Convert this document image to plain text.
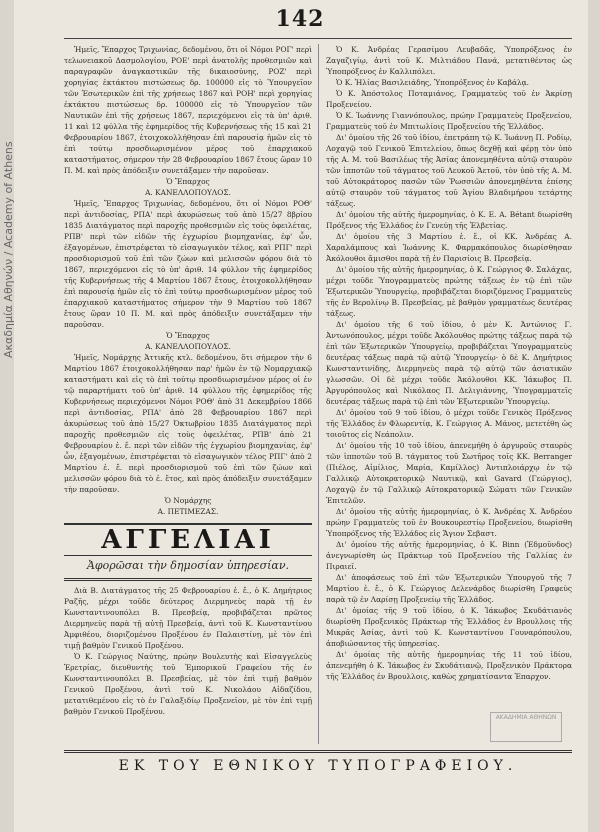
142
Ακαδημία Αθηνών / Academy of Athens

Ἡμεῖς, Ἔπαρχος Τριχωνίας, δεδομένου, ὅτι οἱ Νόμοι ΡΟΓ' περὶ τελωνειακοῦ Δασμολογίου, ΡΟΕ' περὶ ἀνατολῆς προθεσμιῶν καὶ παραγραφῶν ἀναγκαστικῶν τῆς δικαιοσύνης, ΡΟΖ' περὶ χορηγίας ἐκτάκτου πιστώσεως δρ. 100000 εἰς τὸ Ὑπουργεῖον τῶν Ἐσωτερικῶν ἐπὶ τῆς χρήσεως 1867 καὶ ΡΟΗ' περὶ χορηγίας ἐκτάκτου πιστώσεως δρ. 100000 εἰς τὸ Ὑπουργεῖον τῶν Ναυτικῶν ἐπὶ τῆς χρήσεως 1867, περιεχόμενοι εἰς τὰ ὑπ' ἀριθ. 11 καὶ 12 φύλλα τῆς ἐφημερίδος τῆς Κυβερνήσεως τῆς 15 καὶ 21 Φεβρουαρίου 1867, ἐτοιχοκολλήθησαν ἐπὶ παρουσίᾳ ἡμῶν εἰς τὸ ἐπὶ τούτῳ προσδιωρισμένον μέρος τοῦ ἐπαρχιακοῦ καταστήματος, σήμερον τὴν 28 Φεβρουαρίου 1867 ἔτους ὥραν 10 Π. Μ. καὶ πρὸς ἀπόδειξιν συνετάξαμεν τὴν παροῦσαν.

Ὁ Ἔπαρχος

Α. ΚΑΝΕΛΛΟΠΟΥΛΟΣ.

Ἡμεῖς, Ἔπαρχος Τριχωνίας, δεδομένου, ὅτι οἱ Νόμοι ΡΟΘ' περὶ ἀντιδοσίας, ΡΠΑ' περὶ ἀκυρώσεως τοῦ ἀπὸ 15/27 8βρίου 1835 Διατάγματος περὶ παροχῆς προθεσμιῶν εἰς τοὺς ὀφειλέτας, ΡΠΒ' περὶ τῶν εἰδῶν τῆς ἐγχωρίου βιομηχανίας, ἐφ' ὧν, ἐξαγομένων, ἐπιστρέφεται τὸ εἰσαγωγικὸν τέλος, καὶ ΡΠΓ' περὶ προσδιορισμοῦ τοῦ ἐπὶ τῶν ζώων καὶ μελισσῶν φόρου διὰ τὸ 1867, περιεχόμενοι εἰς τὸ ὑπ' ἀριθ. 14 φύλλον τῆς ἐφημερίδος τῆς Κυβερνήσεως τῆς 4 Μαρτίου 1867 ἔτους, ἐτοιχοκολλήθησαν ἐπὶ παρουσίᾳ ἡμῶν εἰς τὸ ἐπὶ τούτῳ προσδιωρισμένον μέρος τοῦ ἐπαρχιακοῦ καταστήματος σήμερον τὴν 9 Μαρτίου τοῦ 1867 ἔτους ὥραν 10 Π. Μ. καὶ πρὸς ἀπόδειξιν συνετάξαμεν τὴν παροῦσαν.

Ὁ Ἔπαρχος

Α. ΚΑΝΕΛΛΟΠΟΥΛΟΣ.

Ἡμεῖς, Νομάρχης Ἀττικῆς κτλ. δεδομένου, ὅτι σήμερον τὴν 6 Μαρτίου 1867 ἐτοιχοκολλήθησαν παρ' ἡμῶν ἐν τῷ Νομαρχιακῷ καταστήματι καὶ εἰς τὸ ἐπὶ τούτῳ προσδιωρισμένον μέρος οἱ ἐν τῷ παραρτήματι τοῦ ὑπ' ἀριθ. 14 φύλλου τῆς ἐφημερίδος τῆς Κυβερνήσεως περιεχόμενοι Νόμοι ΡΟΘ' ἀπὸ 31 Δεκεμβρίου 1866 περὶ ἀντιδοσίας, ΡΠΑ' ἀπὸ 28 Φεβρουαρίου 1867 περὶ ἀκυρώσεως τοῦ ἀπὸ 15/27 Ὀκτωβρίου 1835 Διατάγματος περὶ παροχῆς προθεσμιῶν εἰς τοὺς ὀφειλέτας, ΡΠΒ' ἀπὸ 21 Φεβρουαρίου ἐ. ἔ. περὶ τῶν εἰδῶν τῆς ἐγχωρίου βιομηχανίας, ἐφ' ὧν, ἐξαγομένων, ἐπιστρέφεται τὸ εἰσαγωγικὸν τέλος ΡΠΓ' ἀπὸ 2 Μαρτίου ἐ. ἔ. περὶ προσδιορισμοῦ τοῦ ἐπὶ τῶν ζώων καὶ μελισσῶν φόρου διὰ τὸ ἐ. ἔτος, καὶ πρὸς ἀπόδειξιν συνετάξαμεν τὴν παροῦσαν.

Ὁ Νομάρχης

Α. ΠΕΤΙΜΕΖΑΣ.

ΑΓΓΕΛΙΑΙ
Ἀφορῶσαι τὴν δημοσίαν ὑπηρεσίαν.

Διὰ Β. Διατάγματος τῆς 25 Φεβρουαρίου ἐ. ἔ., ὁ Κ. Δημήτριος Ραζῆς, μέχρι τοῦδε δεύτερος Διερμηνεὺς παρὰ τῇ ἐν Κωνσταντινουπόλει Β. Πρεσβείᾳ, προβιβάζεται πρῶτος Διερμηνεὺς παρὰ τῇ αὐτῇ Πρεσβείᾳ, ἀντὶ τοῦ Κ. Κωνσταντίνου Ἀμφιθέου, διοριζομένου Προξένου ἐν Παλαιστίνῃ, μὲ τὸν ἐπὶ τιμῇ βαθμὸν Γενικοῦ Προξένου.

Ὁ Κ. Γεώργιος Ναύτης, πρώην Βουλευτὴς καὶ Εἰσαγγελεὺς Ἐρετρίας, διευθυντὴς τοῦ Ἐμπορικοῦ Γραφείου τῆς ἐν Κωνσταντινουπόλει Β. Πρεσβείας, μὲ τὸν ἐπὶ τιμῇ βαθμὸν Γενικοῦ Προξένου, ἀντὶ τοῦ Κ. Νικολάου Αἰδαζίδου, μετατιθεμένου εἰς τὸ ἐν Γαλαξιδίῳ Προξενεῖον, μὲ τὸν ἐπὶ τιμῇ βαθμὸν Γενικοῦ Προξένου.

Ὁ Κ. Ἀνδρέας Γερασίμου Λευβαδᾶς, Ὑποπρόξενος ἐν Ζαγαζιγίῳ, ἀντὶ τοῦ Κ. Μιλτιάδου Πανά, μετατιθέντος ὡς Ὑποπρόξενος ἐν Καλλιπόλει.

Ὁ Κ. Ἠλίας Βασιλειάδης, Ὑποπρόξενος ἐν Καβάλᾳ.

Ὁ Κ. Ἀπόστολος Ποταμιάνος, Γραμματεὺς τοῦ ἐν Ἀκρίσῃ Προξενείου.

Ὁ Κ. Ἰωάννης Γιαννόπουλος, πρώην Γραμματεὺς Προξενείου, Γραμματεὺς τοῦ ἐν Μπιτωλίοις Προξενείου τῆς Ἑλλάδος.

Δι' ὁμοίου τῆς 26 τοῦ ἰδίου, ἐπετράπη τῷ Κ. Ἰωάννῃ Π. Ροδίῳ, Λοχαγῷ τοῦ Γενικοῦ Ἐπιτελείου, ὅπως δεχθῇ καὶ φέρῃ τὸν ὑπὸ τῆς Α. Μ. τοῦ Βασιλέως τῆς Ἀσίας ἀπονεμηθέντα αὐτῷ σταυρὸν τῶν ἱπποτῶν τοῦ τάγματος τοῦ Λευκοῦ Ἀετοῦ, τὸν ὑπὸ τῆς Α. Μ. τοῦ Αὐτοκράτορος πασῶν τῶν Ῥωσσιῶν ἀπονεμηθέντα ἐπίσης αὐτῷ σταυρὸν τοῦ τάγματος τοῦ Ἁγίου Βλαδιμήρου τετάρτης τάξεως.

Δι' ὁμοίου τῆς αὐτῆς ἡμερομηνίας, ὁ Κ. Ε. Α. Bétant διωρίσθη Πρόξενος τῆς Ἑλλάδος ἐν Γενεύῃ τῆς Ἑλβετίας.

Δι' ὁμοίου τῆς 3 Μαρτίου ἐ. ἔ., οἱ ΚΚ. Ἀνδρέας Α. Χαραλάμπους καὶ Ἰωάννης Κ. Φαρμακόπουλος διωρίσθησαν Ἀκόλουθοι ἄμισθοι παρὰ τῇ ἐν Παρισίοις Β. Πρεσβείᾳ.

Δι' ὁμοίου τῆς αὐτῆς ἡμερομηνίας, ὁ Κ. Γεώργιος Φ. Σαλάχας, μέχρι τοῦδε Ὑπογραμματεὺς πρώτης τάξεως ἐν τῷ ἐπὶ τῶν Ἐξωτερικῶν Ὑπουργείῳ, προβιβάζεται διοριζόμενος Γραμματεὺς τῆς ἐν Βερολίνῳ Β. Πρεσβείας, μὲ βαθμὸν γραμματέως δευτέρας τάξεως.

Δι' ὁμοίου τῆς 6 τοῦ ἰδίου, ὁ μὲν Κ. Ἀντώνιος Γ. Ἀντωνόπουλος, μέχρι τοῦδε Ἀκόλουθος πρώτης τάξεως παρὰ τῷ ἐπὶ τῶν Ἐξωτερικῶν Ὑπουργείῳ, προβιβάζεται Ὑπογραμματεὺς δευτέρας τάξεως παρὰ τῷ αὐτῷ Ὑπουργείῳ· ὁ δὲ Κ. Δημήτριος Κωνσταντινίδης, Διερμηνεὺς παρὰ τῷ αὐτῷ τῶν ἀσιατικῶν γλωσσῶν. Οἱ δὲ μέχρι τοῦδε Ἀκόλουθοι ΚΚ. Ἰάκωβος Π. Ἀργυρόπουλος καὶ Νικόλαος Π. Δελιγιάννης, Ὑπογραμματεῖς δευτέρας τάξεως παρὰ τῷ ἐπὶ τῶν Ἐξωτερικῶν Ὑπουργείῳ.

Δι' ὁμοίου τοῦ 9 τοῦ ἰδίου, ὁ μέχρι τοῦδε Γενικὸς Πρόξενος τῆς Ἑλλάδος ἐν Φλωρεντίᾳ, Κ. Γεώργιος Α. Μάνος, μετετέθη ὡς τοιοῦτος εἰς Νεάπολιν.

Δι' ὁμοίου τῆς 10 τοῦ ἰδίου, ἀπενεμήθη ὁ ἀργυροῦς σταυρὸς τῶν ἱπποτῶν τοῦ Β. τάγματος τοῦ Σωτῆρος τοῖς ΚΚ. Berranger (Πιέλος, Αἰμίλιος, Μαρία, Καμίλλος) Ἀντιπλοιάρχῳ ἐν τῷ Γαλλικῷ Αὐτοκρατορικῷ Ναυτικῷ, καὶ Gavard (Γεώργιος), Λοχαγῷ ἐν τῷ Γαλλικῷ Αὐτοκρατορικῷ Σώματι τῶν Γενικῶν Ἐπιτελῶν.

Δι' ὁμοίου τῆς αὐτῆς ἡμερομηνίας, ὁ Κ. Ἀνδρέας Χ. Ἀνδρέου πρώην Γραμματεὺς τοῦ ἐν Βουκουρεστίῳ Προξενείου, διωρίσθη Ὑποπρόξενος τῆς Ἑλλάδος εἰς Ἅγιον Σεβαστ.

Δι' ὁμοίου τῆς αὐτῆς ἡμερομηνίας, ὁ Κ. Binn (Ἐδμοῦνδος) ἀνεγνωρίσθη ὡς Πράκτωρ τοῦ Προξενείου τῆς Γαλλίας ἐν Πιραιεῖ.

Δι' ἀποφάσεως τοῦ ἐπὶ τῶν Ἐξωτερικῶν Ὑπουργοῦ τῆς 7 Μαρτίου ἐ. ἔ., ὁ Κ. Γεώργιος Δελενάρδος διωρίσθη Γραφεὺς παρὰ τῷ ἐν Λαρίσῃ Προξενείῳ τῆς Ἑλλάδος.

Δι' ὁμοίας τῆς 9 τοῦ ἰδίου, ὁ Κ. Ἰάκωβος Σκυδάτιανὸς διωρίσθη Προξενικὸς Πράκτωρ τῆς Ἑλλάδος ἐν Βρουλλοις τῆς Μικρᾶς Ἀσίας, ἀντὶ τοῦ Κ. Κωνσταντίνου Γουναρόπουλου, ἀποβιώσαντος τῆς ὑπηρεσίας.

Δι' ὁμοίας τῆς αὐτῆς ἡμερομηνίας τῆς 11 τοῦ ἰδίου, ἀπενεμήθη ὁ Κ. Ἰάκωβος ἐν Σκυδάτιανῷ, Προξενικὸν Πράκτορα τῆς Ἑλλάδος ἐν Βρουλλοις, καθὼς χρηματίσαντα Ἐπαρχον.

ΑΚΑΔΗΜΙΑ ΑΘΗΝΩΝ
ΕΚ ΤΟΥ ΕΘΝΙΚΟΥ ΤΥΠΟΓΡΑΦΕΙΟΥ.
